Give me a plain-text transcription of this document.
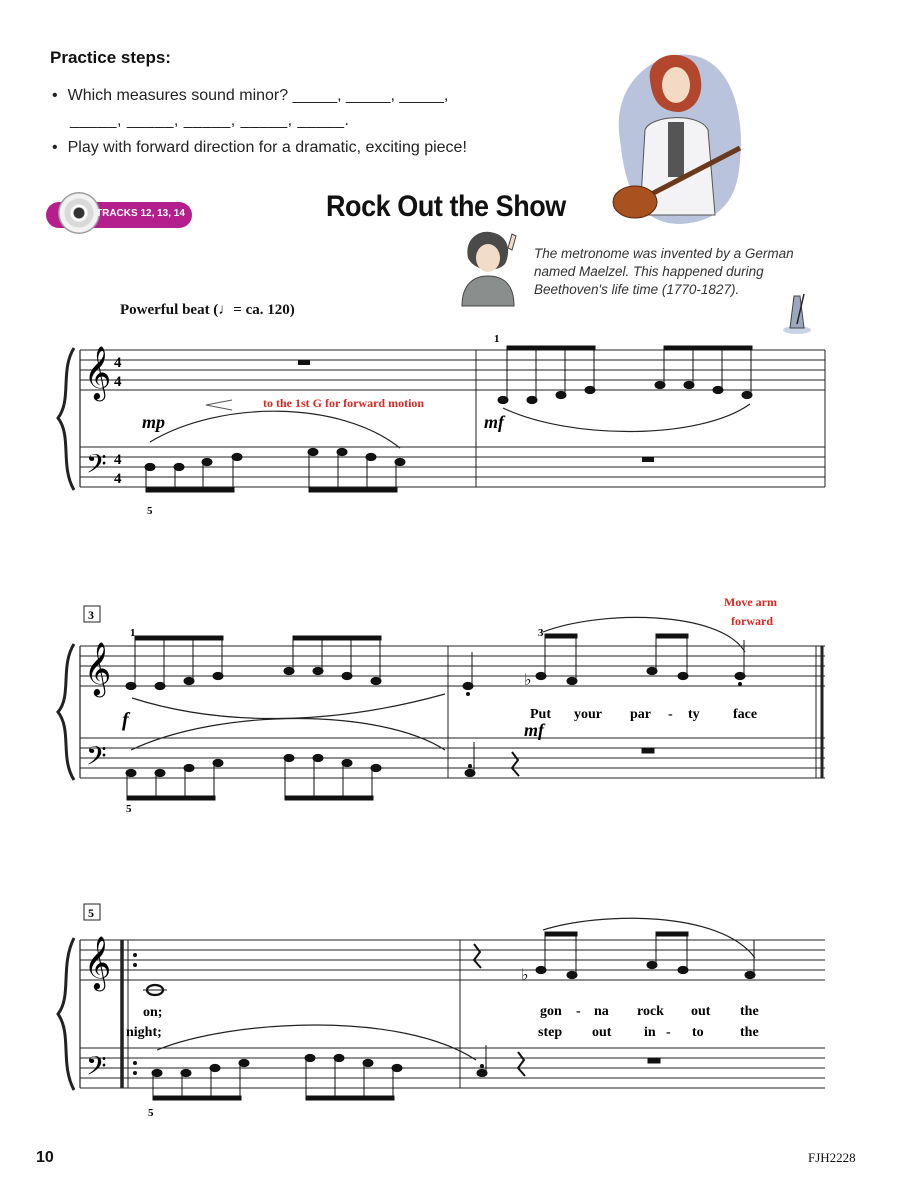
Practice steps:
• Which measures sound minor? _____, _____, _____,
_____, _____, _____, _____, _____.
• Play with forward direction for a dramatic, exciting piece!
TRACKS 12, 13, 14	Rock Out the Show
The metronome was invented by a German named Maelzel. This happened during Beethoven's life time (1770-1827).
Powerful beat (♩= ca. 120)
𝄞
𝄢
4
4
4
4
mp
to the 1st G for forward motion
mf
1
5
3
𝄞
𝄢
1	3
5
Move arm
forward
f	mf
♭
Put your par - ty face
5
𝄞
𝄢
on;
night;
♭
gon - na rock out the
step out in - to	the
5
10	FJH2228
